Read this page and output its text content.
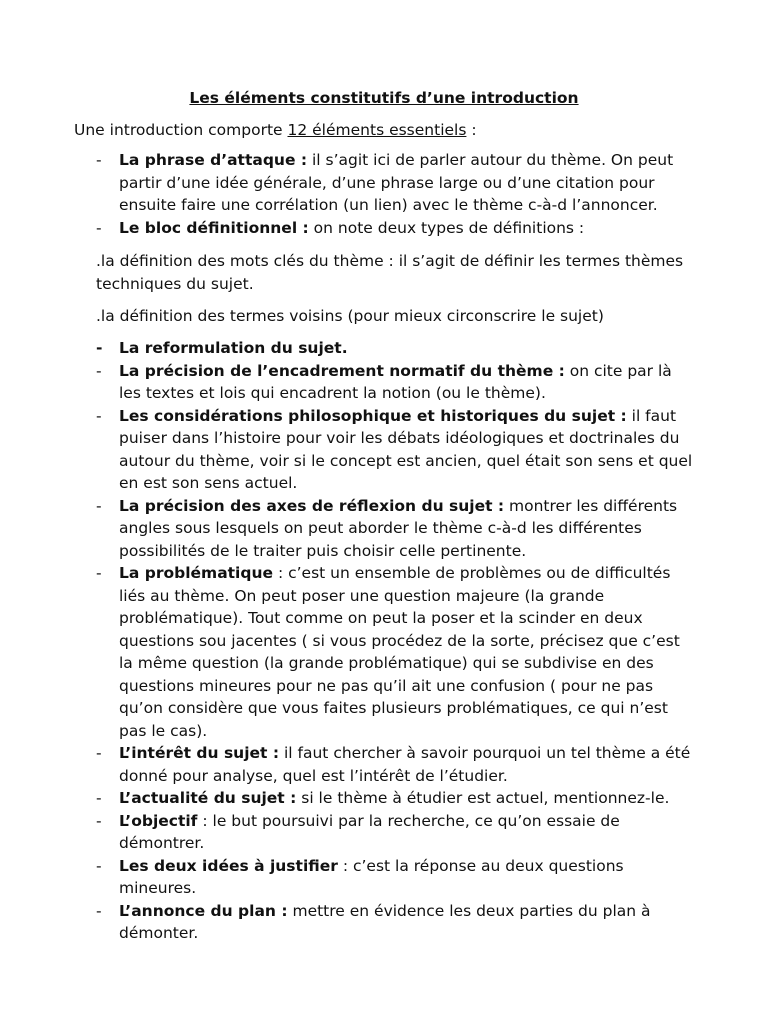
Les éléments constitutifs d’une introduction
Une introduction comporte 12 éléments essentiels :
- La phrase d’attaque : il s’agit ici de parler autour du thème. On peut partir d’une idée générale, d’une phrase large ou d’une citation pour ensuite faire une corrélation (un lien) avec le thème c-à-d l’annoncer.
- Le bloc définitionnel : on note deux types de définitions :
.la définition des mots clés du thème : il s’agit de définir les termes thèmes techniques du sujet.
.la définition des termes voisins (pour mieux circonscrire le sujet)
- La reformulation du sujet.
- La précision de l’encadrement normatif du thème : on cite par là les textes et lois qui encadrent la notion (ou le thème).
- Les considérations philosophique et historiques du sujet : il faut puiser dans l’histoire pour voir les débats idéologiques et doctrinales du autour du thème, voir si le concept est ancien, quel était son sens et quel en est son sens actuel.
- La précision des axes de réflexion du sujet : montrer les différents angles sous lesquels on peut aborder le thème c-à-d les différentes possibilités de le traiter puis choisir celle pertinente.
- La problématique : c’est un ensemble de problèmes ou de difficultés liés au thème. On peut poser une question majeure (la grande problématique). Tout comme on peut la poser et la scinder en deux questions sou jacentes ( si vous procédez de la sorte, précisez que c’est la même question (la grande problématique) qui se subdivise en des questions mineures pour ne pas qu’il ait une confusion ( pour ne pas qu’on considère que vous faites plusieurs problématiques, ce qui n’est pas le cas).
- L’intérêt du sujet : il faut chercher à savoir pourquoi un tel thème a été donné pour analyse, quel est l’intérêt de l’étudier.
- L’actualité du sujet : si le thème à étudier est actuel, mentionnez-le.
- L’objectif : le but poursuivi par la recherche, ce qu’on essaie de démontrer.
- Les deux idées à justifier : c’est la réponse au deux questions mineures.
- L’annonce du plan : mettre en évidence les deux parties du plan à démonter.
